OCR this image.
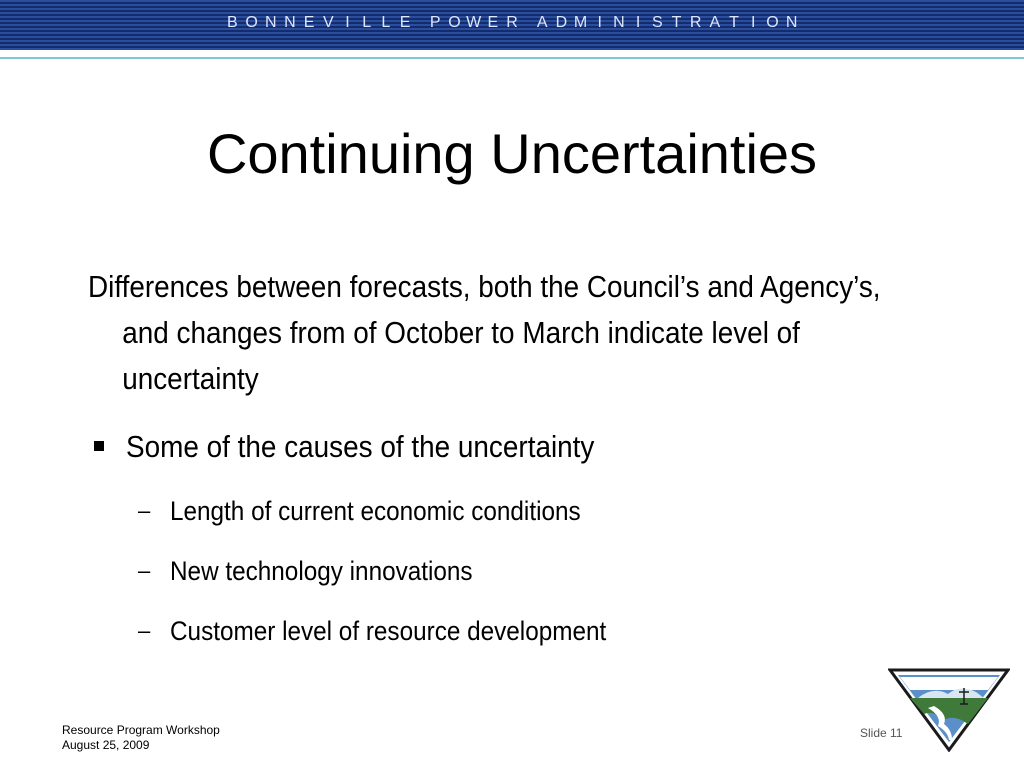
B O N N E V I L L E P O W E R A D M I N I S T R A T I O N
Continuing Uncertainties
Differences between forecasts, both the Council’s and Agency’s, and changes from of October to March indicate level of uncertainty
Some of the causes of the uncertainty
– Length of current economic conditions
– New technology innovations
– Customer level of resource development
Resource Program Workshop
August 25, 2009
Slide 11
